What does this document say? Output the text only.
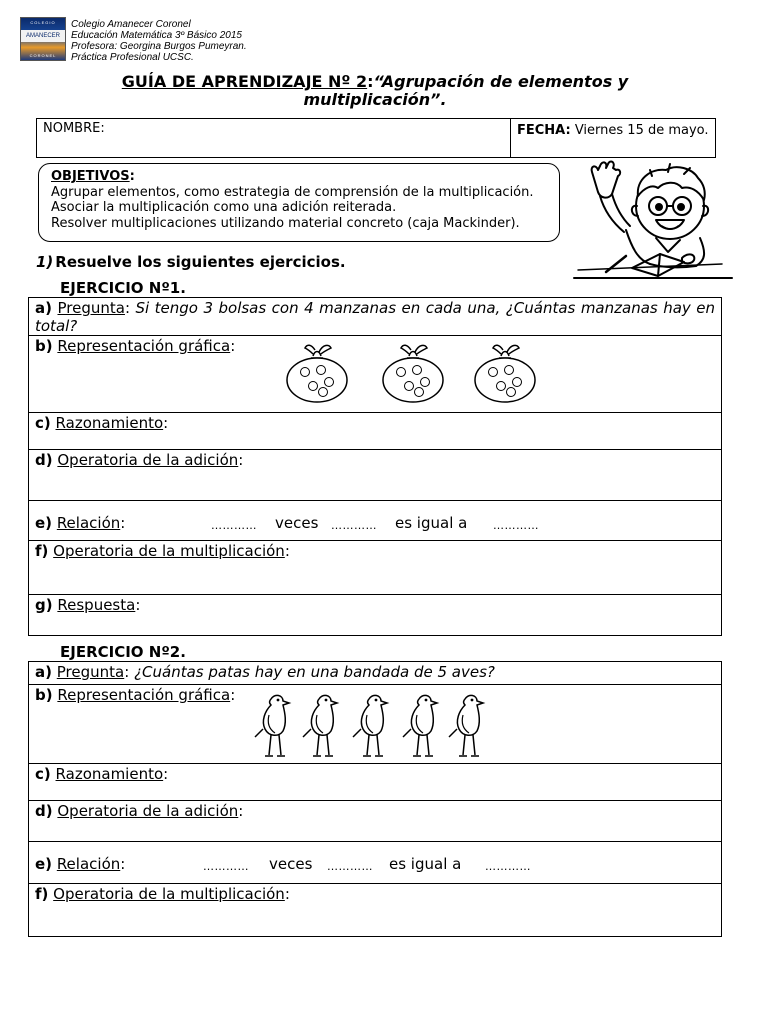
COLEGIO
AMANECER
CORONEL
Colegio Amanecer Coronel
Educación Matemática 3º Básico 2015
Profesora: Georgina Burgos Pumeyran.
Práctica Profesional UCSC.
GUÍA DE APRENDIZAJE Nº 2:“Agrupación de elementos y multiplicación”.
NOMBRE:	FECHA: Viernes 15 de mayo.
OBJETIVOS:
Agrupar elementos, como estrategia de comprensión de la multiplicación.
Asociar la multiplicación como una adición reiterada.
Resolver multiplicaciones utilizando material concreto (caja Mackinder).
1) Resuelve los siguientes ejercicios.
EJERCICIO Nº1.
a) Pregunta: Si tengo 3 bolsas con 4 manzanas en cada una, ¿Cuántas manzanas hay en total?
b) Representación gráfica:
c) Razonamiento:
d) Operatoria de la adición:
e) Relación:	………… veces ………… es igual a …………
f) Operatoria de la multiplicación:
g) Respuesta:
EJERCICIO Nº2.
a) Pregunta: ¿Cuántas patas hay en una bandada de 5 aves?
b) Representación gráfica:
c) Razonamiento:
d) Operatoria de la adición:
e) Relación:	………… veces ………… es igual a …………
f) Operatoria de la multiplicación:
